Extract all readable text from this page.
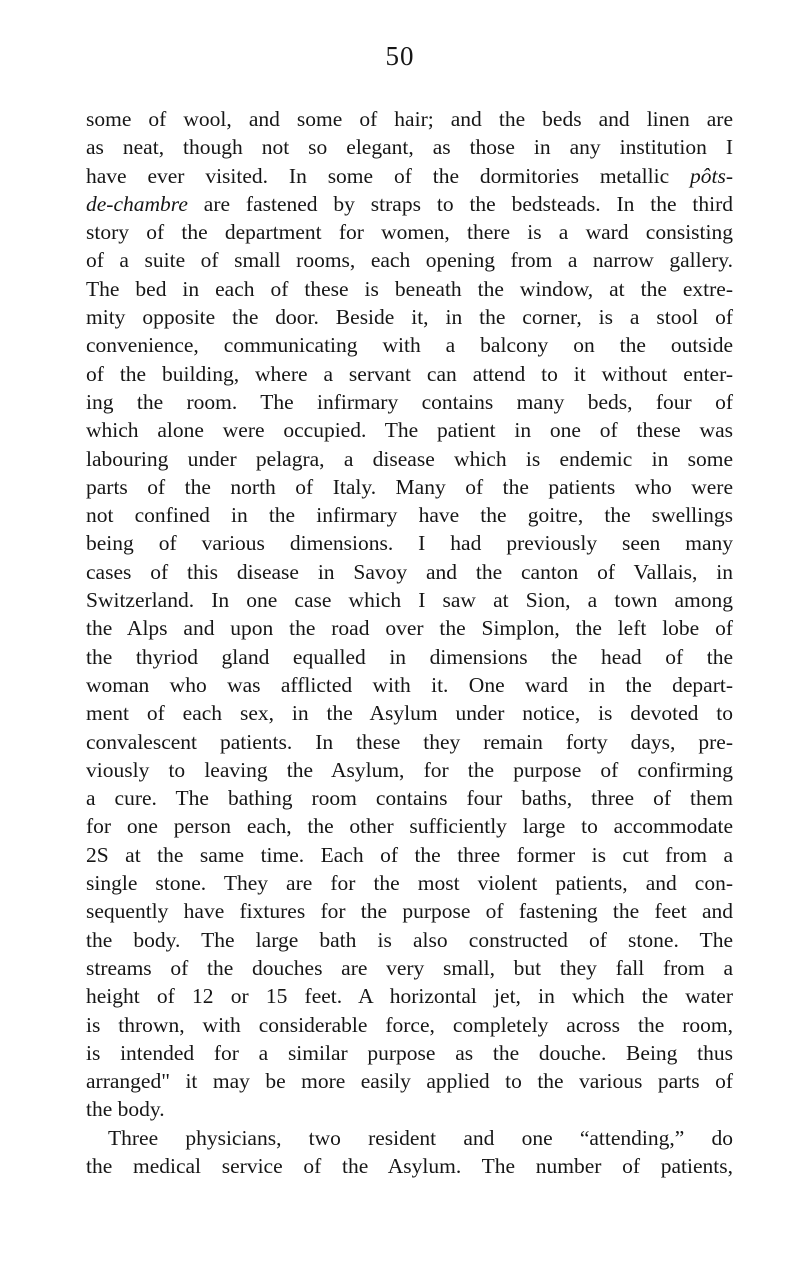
50
some of wool, and some of hair; and the beds and linen are
as neat, though not so elegant, as those in any institution I
have ever visited. In some of the dormitories metallic pôts-
de-chambre are fastened by straps to the bedsteads. In the third
story of the department for women, there is a ward consisting
of a suite of small rooms, each opening from a narrow gallery.
The bed in each of these is beneath the window, at the extre-
mity opposite the door. Beside it, in the corner, is a stool of
convenience, communicating with a balcony on the outside
of the building, where a servant can attend to it without enter-
ing the room. The infirmary contains many beds, four of
which alone were occupied. The patient in one of these was
labouring under pelagra, a disease which is endemic in some
parts of the north of Italy. Many of the patients who were
not confined in the infirmary have the goitre, the swellings
being of various dimensions. I had previously seen many
cases of this disease in Savoy and the canton of Vallais, in
Switzerland. In one case which I saw at Sion, a town among
the Alps and upon the road over the Simplon, the left lobe of
the thyriod gland equalled in dimensions the head of the
woman who was afflicted with it. One ward in the depart-
ment of each sex, in the Asylum under notice, is devoted to
convalescent patients. In these they remain forty days, pre-
viously to leaving the Asylum, for the purpose of confirming
a cure. The bathing room contains four baths, three of them
for one person each, the other sufficiently large to accommodate
2S at the same time. Each of the three former is cut from a
single stone. They are for the most violent patients, and con-
sequently have fixtures for the purpose of fastening the feet and
the body. The large bath is also constructed of stone. The
streams of the douches are very small, but they fall from a
height of 12 or 15 feet. A horizontal jet, in which the water
is thrown, with considerable force, completely across the room,
is intended for a similar purpose as the douche. Being thus
arranged" it may be more easily applied to the various parts of
the body.
Three physicians, two resident and one “attending,” do
the medical service of the Asylum. The number of patients,
